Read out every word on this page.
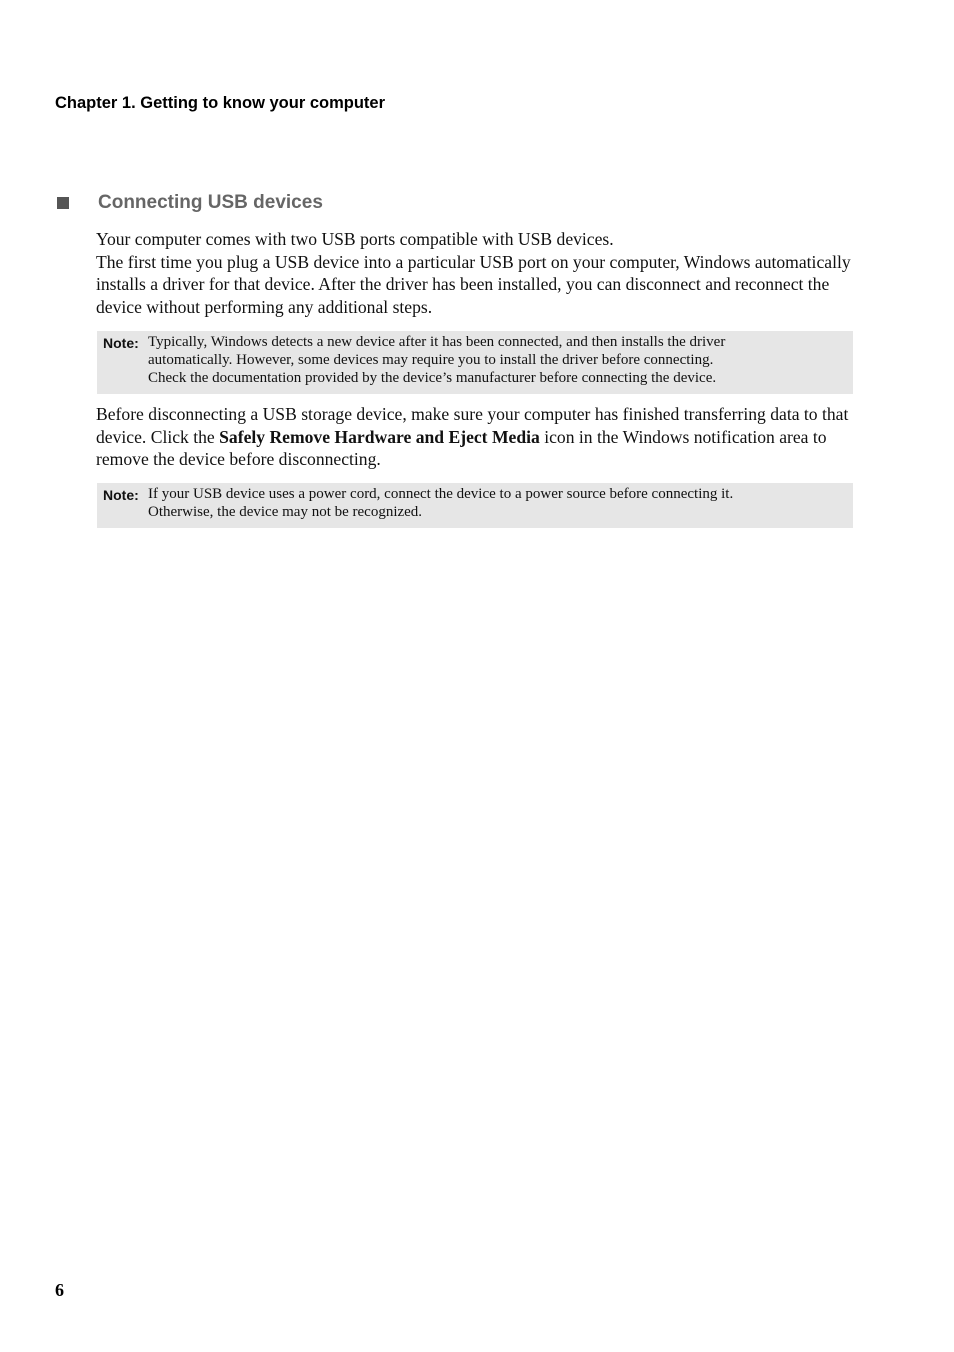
Chapter 1. Getting to know your computer
Connecting USB devices

Your computer comes with two USB ports compatible with USB devices.

The first time you plug a USB device into a particular USB port on your computer, Windows automatically installs a driver for that device. After the driver has been installed, you can disconnect and reconnect the device without performing any additional steps.

Note: Typically, Windows detects a new device after it has been connected, and then installs the driver
automatically. However, some devices may require you to install the driver before connecting.
Check the documentation provided by the device’s manufacturer before connecting the device.

Before disconnecting a USB storage device, make sure your computer has finished transferring data to that device. Click the Safely Remove Hardware and Eject Media icon in the Windows notification area to remove the device before disconnecting.

Note: If your USB device uses a power cord, connect the device to a power source before connecting it.
Otherwise, the device may not be recognized.
6
